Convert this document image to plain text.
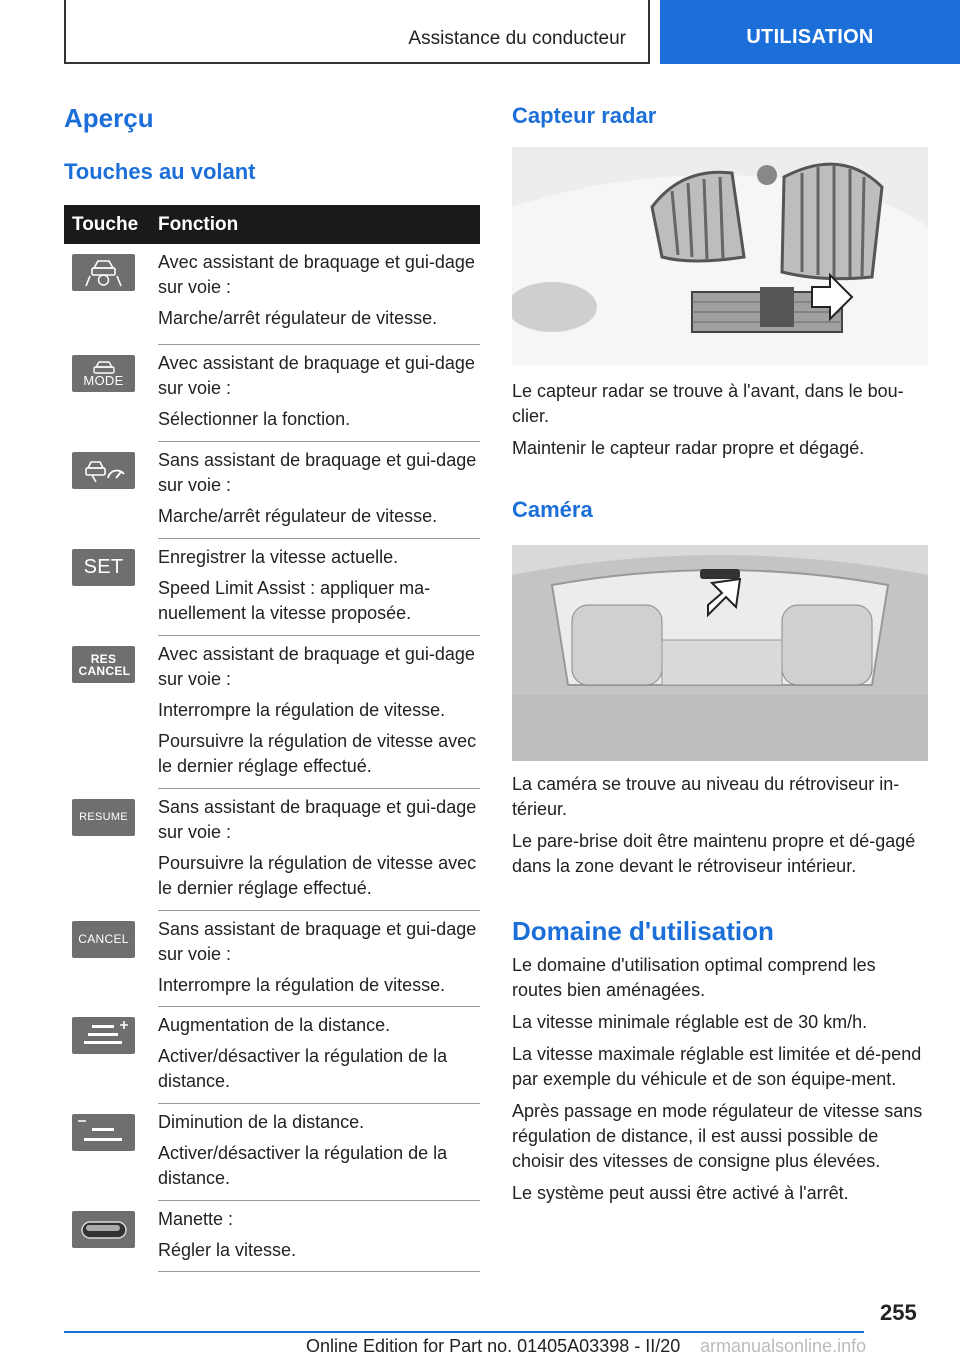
Assistance du conducteur	UTILISATION
Aperçu
Touches au volant
Touche	Fonction

Avec assistant de braquage et gui-dage sur voie :

Marche/arrêt régulateur de vitesse.

MODE

Avec assistant de braquage et gui-dage sur voie :

Sélectionner la fonction.

Sans assistant de braquage et gui-dage sur voie :

Marche/arrêt régulateur de vitesse.

SET Enregistrer la vitesse actuelle.

Speed Limit Assist : appliquer ma-nuellement la vitesse proposée.

RES CANCEL

Avec assistant de braquage et gui-dage sur voie :

Interrompre la régulation de vitesse.

Poursuivre la régulation de vitesse avec le dernier réglage effectué.

RESUME Sans assistant de braquage et gui-dage sur voie :

Poursuivre la régulation de vitesse avec le dernier réglage effectué.

CANCEL Sans assistant de braquage et gui-dage sur voie :

Interrompre la régulation de vitesse.

Augmentation de la distance.

Activer/désactiver la régulation de la distance.

Diminution de la distance.

Activer/désactiver la régulation de la distance.

Manette :

Régler la vitesse.

Capteur radar

Le capteur radar se trouve à l'avant, dans le bou-clier.

Maintenir le capteur radar propre et dégagé.

Caméra

La caméra se trouve au niveau du rétroviseur in-térieur.

Le pare-brise doit être maintenu propre et dé-gagé dans la zone devant le rétroviseur intérieur.

Domaine d'utilisation

Le domaine d'utilisation optimal comprend les routes bien aménagées.

La vitesse minimale réglable est de 30 km/h.

La vitesse maximale réglable est limitée et dé-pend par exemple du véhicule et de son équipe-ment.

Après passage en mode régulateur de vitesse sans régulation de distance, il est aussi possible de choisir des vitesses de consigne plus élevées.

Le système peut aussi être activé à l'arrêt.

255
Online Edition for Part no. 01405A03398 - II/20 armanualsonline.info
